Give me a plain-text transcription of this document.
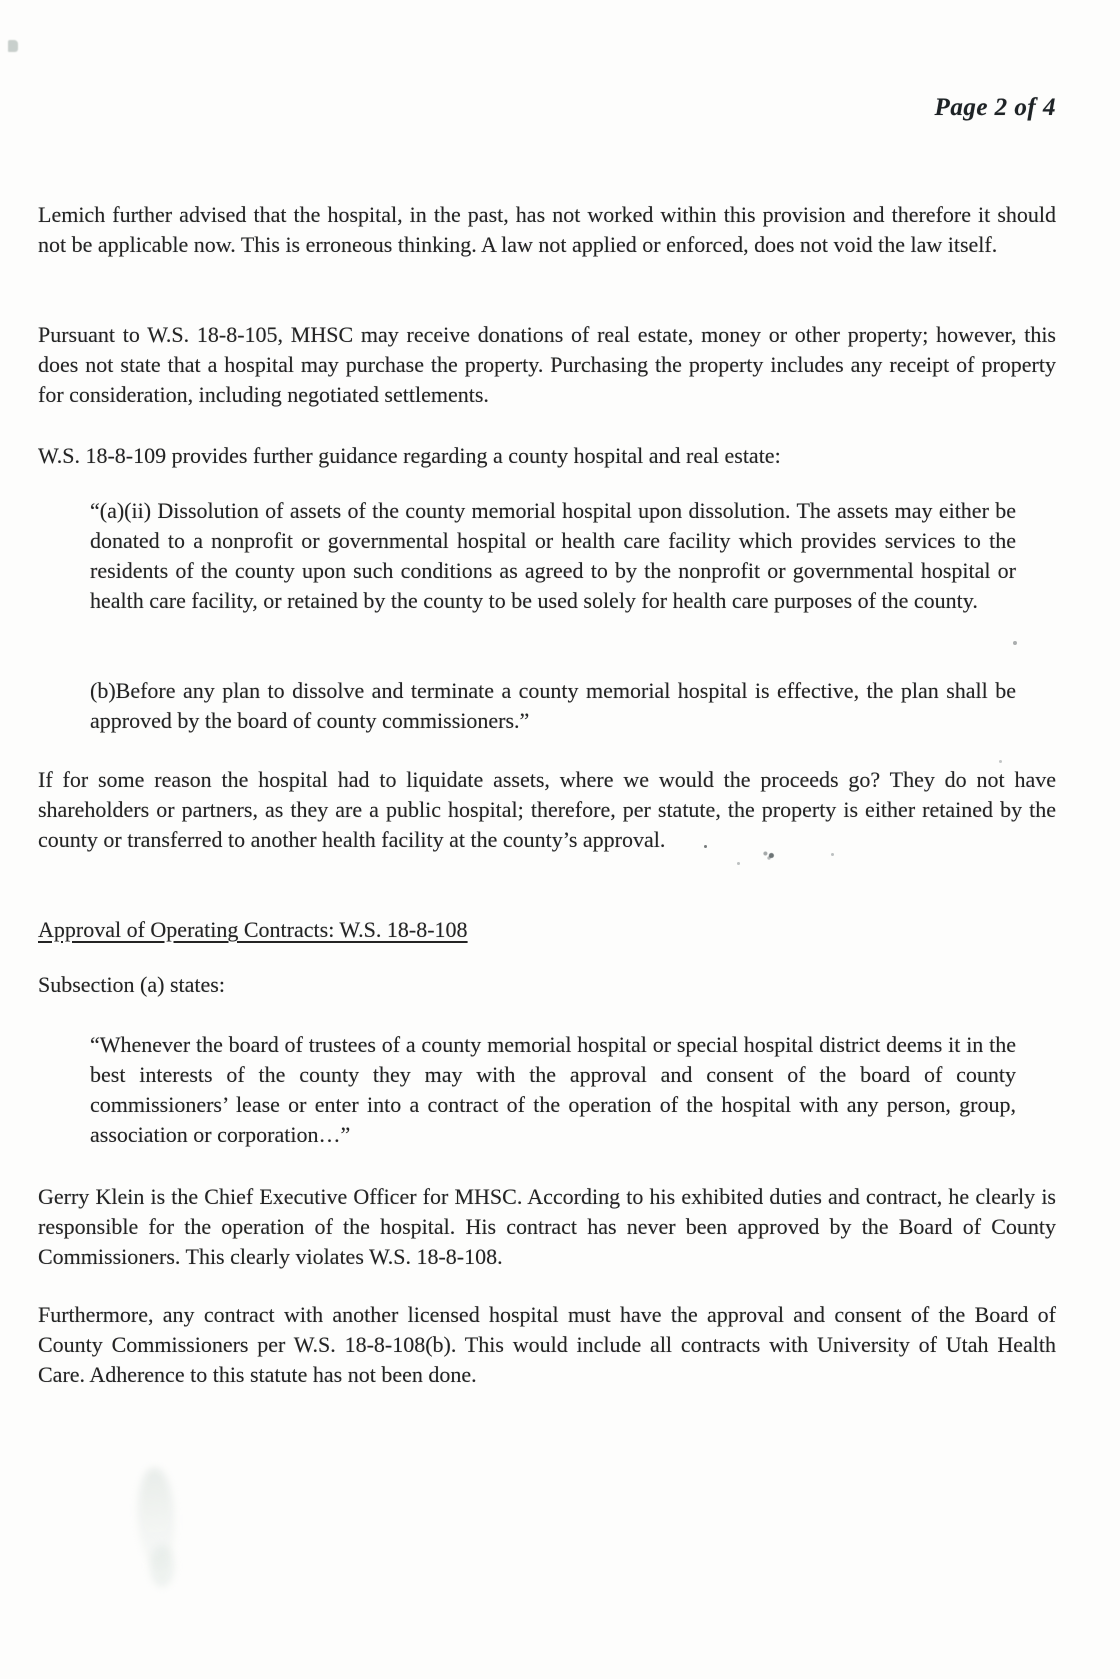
Page 2 of 4

Lemich further advised that the hospital, in the past, has not worked within this provision and therefore it should not be applicable now. This is erroneous thinking. A law not applied or enforced, does not void the law itself.

Pursuant to W.S. 18-8-105, MHSC may receive donations of real estate, money or other property; however, this does not state that a hospital may purchase the property. Purchasing the property includes any receipt of property for consideration, including negotiated settlements.

W.S. 18-8-109 provides further guidance regarding a county hospital and real estate:

“(a)(ii) Dissolution of assets of the county memorial hospital upon dissolution. The assets may either be donated to a nonprofit or governmental hospital or health care facility which provides services to the residents of the county upon such conditions as agreed to by the nonprofit or governmental hospital or health care facility, or retained by the county to be used solely for health care purposes of the county.

(b)Before any plan to dissolve and terminate a county memorial hospital is effective, the plan shall be approved by the board of county commissioners.”

If for some reason the hospital had to liquidate assets, where we would the proceeds go? They do not have shareholders or partners, as they are a public hospital; therefore, per statute, the property is either retained by the county or transferred to another health facility at the county’s approval.

Approval of Operating Contracts: W.S. 18-8-108

Subsection (a) states:

“Whenever the board of trustees of a county memorial hospital or special hospital district deems it in the best interests of the county they may with the approval and consent of the board of county commissioners’ lease or enter into a contract of the operation of the hospital with any person, group, association or corporation…”

Gerry Klein is the Chief Executive Officer for MHSC. According to his exhibited duties and contract, he clearly is responsible for the operation of the hospital. His contract has never been approved by the Board of County Commissioners. This clearly violates W.S. 18-8-108.

Furthermore, any contract with another licensed hospital must have the approval and consent of the Board of County Commissioners per W.S. 18-8-108(b). This would include all contracts with University of Utah Health Care. Adherence to this statute has not been done.
